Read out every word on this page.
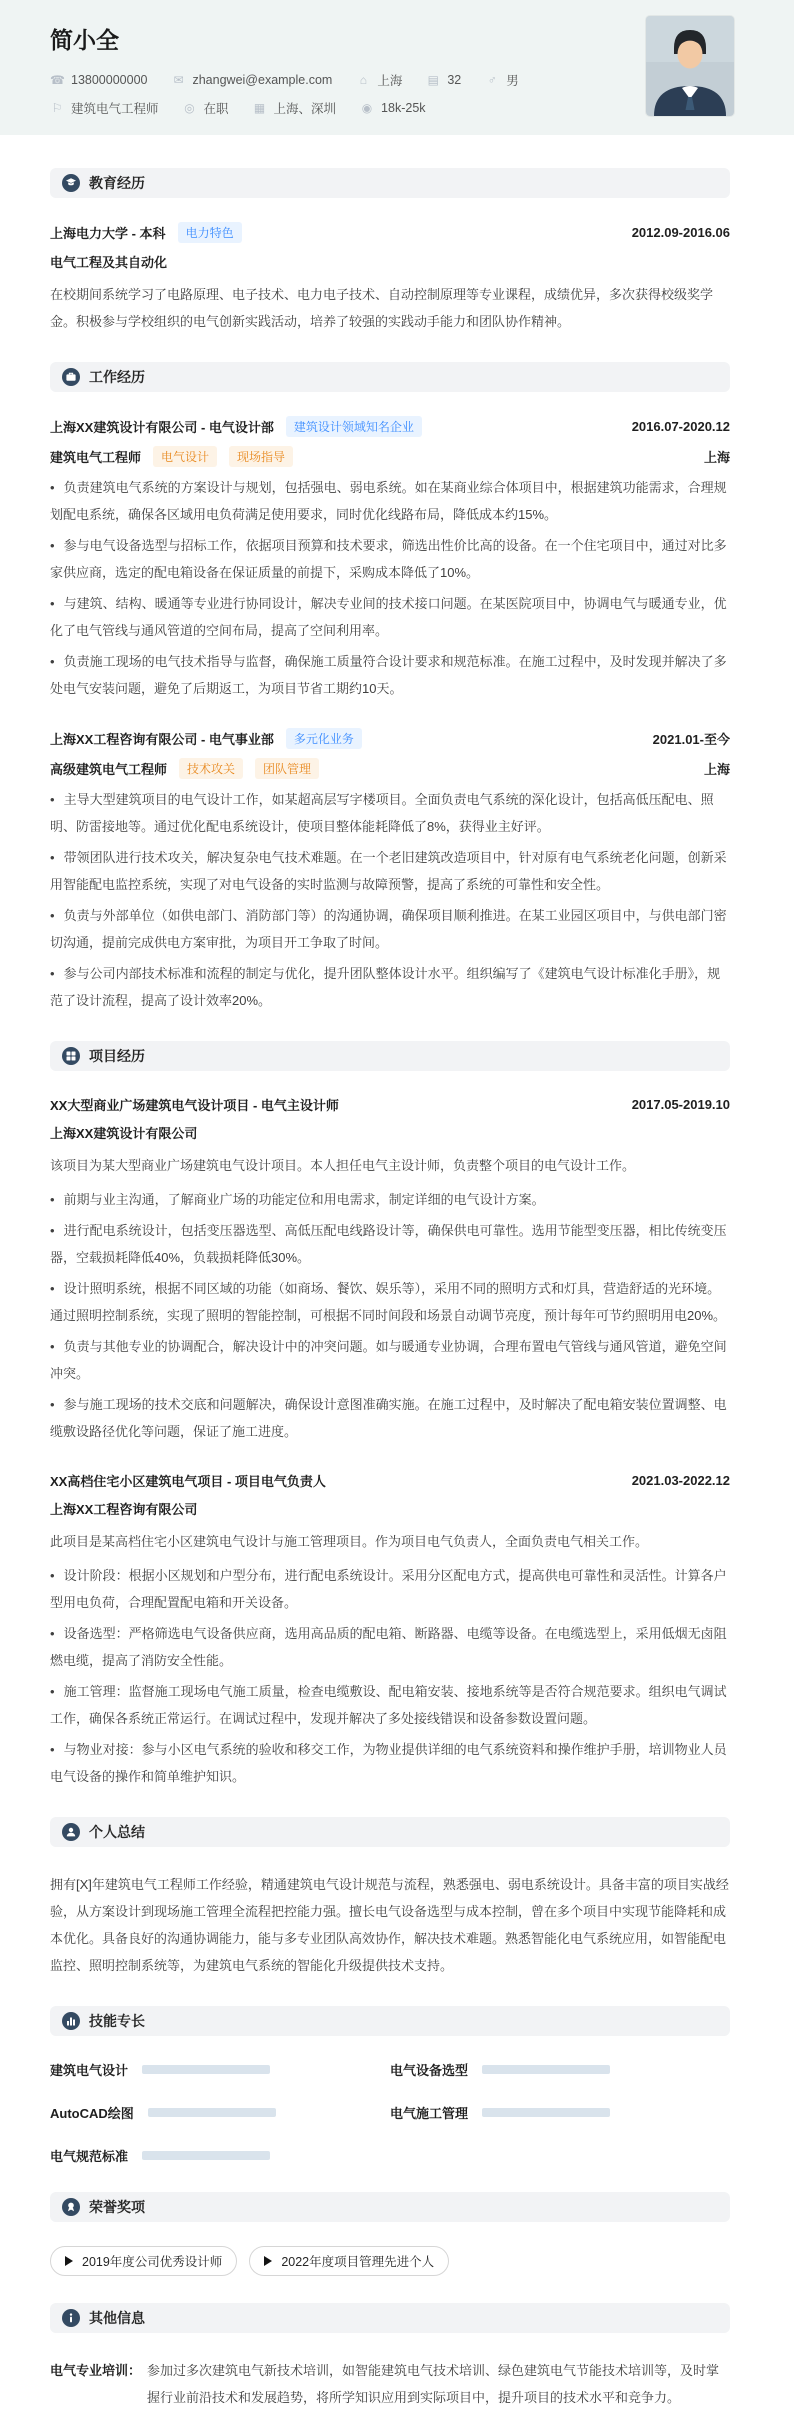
简小全
☎ 13800000000 ✉ zhangwei@example.com ⌂ 上海 ▤ 32 ♂ 男
⚐ 建筑电气工程师 ◎ 在职 ▦ 上海、深圳 ◉ 18k-25k
教育经历
上海电力大学 - 本科	电力特色	2012.09-2016.06
电气工程及其自动化

在校期间系统学习了电路原理、电子技术、电力电子技术、自动控制原理等专业课程，成绩优异，多次获得校级奖学金。积极参与学校组织的电气创新实践活动，培养了较强的实践动手能力和团队协作精神。

工作经历
上海XX建筑设计有限公司 - 电气设计部	建筑设计领域知名企业	2016.07-2020.12
建筑电气工程师	电气设计	现场指导	上海

• 负责建筑电气系统的方案设计与规划，包括强电、弱电系统。如在某商业综合体项目中，根据建筑功能需求，合理规划配电系统，确保各区域用电负荷满足使用要求，同时优化线路布局，降低成本约15%。

• 参与电气设备选型与招标工作，依据项目预算和技术要求，筛选出性价比高的设备。在一个住宅项目中，通过对比多家供应商，选定的配电箱设备在保证质量的前提下，采购成本降低了10%。

• 与建筑、结构、暖通等专业进行协同设计，解决专业间的技术接口问题。在某医院项目中，协调电气与暖通专业，优化了电气管线与通风管道的空间布局，提高了空间利用率。

• 负责施工现场的电气技术指导与监督，确保施工质量符合设计要求和规范标准。在施工过程中，及时发现并解决了多处电气安装问题，避免了后期返工，为项目节省工期约10天。

上海XX工程咨询有限公司 - 电气事业部	多元化业务	2021.01-至今
高级建筑电气工程师	技术攻关	团队管理	上海

• 主导大型建筑项目的电气设计工作，如某超高层写字楼项目。全面负责电气系统的深化设计，包括高低压配电、照明、防雷接地等。通过优化配电系统设计，使项目整体能耗降低了8%，获得业主好评。

• 带领团队进行技术攻关，解决复杂电气技术难题。在一个老旧建筑改造项目中，针对原有电气系统老化问题，创新采用智能配电监控系统，实现了对电气设备的实时监测与故障预警，提高了系统的可靠性和安全性。

• 负责与外部单位（如供电部门、消防部门等）的沟通协调，确保项目顺利推进。在某工业园区项目中，与供电部门密切沟通，提前完成供电方案审批，为项目开工争取了时间。

• 参与公司内部技术标准和流程的制定与优化，提升团队整体设计水平。组织编写了《建筑电气设计标准化手册》，规范了设计流程，提高了设计效率20%。

项目经历
XX大型商业广场建筑电气设计项目 - 电气主设计师	2017.05-2019.10
上海XX建筑设计有限公司

该项目为某大型商业广场建筑电气设计项目。本人担任电气主设计师，负责整个项目的电气设计工作。

• 前期与业主沟通，了解商业广场的功能定位和用电需求，制定详细的电气设计方案。

• 进行配电系统设计，包括变压器选型、高低压配电线路设计等，确保供电可靠性。选用节能型变压器，相比传统变压器，空载损耗降低40%，负载损耗降低30%。

• 设计照明系统，根据不同区域的功能（如商场、餐饮、娱乐等），采用不同的照明方式和灯具，营造舒适的光环境。通过照明控制系统，实现了照明的智能控制，可根据不同时间段和场景自动调节亮度，预计每年可节约照明用电20%。

• 负责与其他专业的协调配合，解决设计中的冲突问题。如与暖通专业协调，合理布置电气管线与通风管道，避免空间冲突。

• 参与施工现场的技术交底和问题解决，确保设计意图准确实施。在施工过程中，及时解决了配电箱安装位置调整、电缆敷设路径优化等问题，保证了施工进度。

XX高档住宅小区建筑电气项目 - 项目电气负责人	2021.03-2022.12
上海XX工程咨询有限公司

此项目是某高档住宅小区建筑电气设计与施工管理项目。作为项目电气负责人，全面负责电气相关工作。

• 设计阶段：根据小区规划和户型分布，进行配电系统设计。采用分区配电方式，提高供电可靠性和灵活性。计算各户型用电负荷，合理配置配电箱和开关设备。

• 设备选型：严格筛选电气设备供应商，选用高品质的配电箱、断路器、电缆等设备。在电缆选型上，采用低烟无卤阻燃电缆，提高了消防安全性能。

• 施工管理：监督施工现场电气施工质量，检查电缆敷设、配电箱安装、接地系统等是否符合规范要求。组织电气调试工作，确保各系统正常运行。在调试过程中，发现并解决了多处接线错误和设备参数设置问题。

• 与物业对接：参与小区电气系统的验收和移交工作，为物业提供详细的电气系统资料和操作维护手册，培训物业人员电气设备的操作和简单维护知识。

个人总结

拥有[X]年建筑电气工程师工作经验，精通建筑电气设计规范与流程，熟悉强电、弱电系统设计。具备丰富的项目实战经验，从方案设计到现场施工管理全流程把控能力强。擅长电气设备选型与成本控制，曾在多个项目中实现节能降耗和成本优化。具备良好的沟通协调能力，能与多专业团队高效协作，解决技术难题。熟悉智能化电气系统应用，如智能配电监控、照明控制系统等，为建筑电气系统的智能化升级提供技术支持。

技能专长
建筑电气设计	电气设备选型
AutoCAD绘图	电气施工管理
电气规范标准
荣誉奖项
2019年度公司优秀设计师	2022年度项目管理先进个人
其他信息
电气专业培训： 参加过多次建筑电气新技术培训，如智能建筑电气技术培训、绿色建筑电气节能技术培训等，及时掌握行业前沿技术和发展趋势，将所学知识应用到实际项目中，提升项目的技术水平和竞争力。
